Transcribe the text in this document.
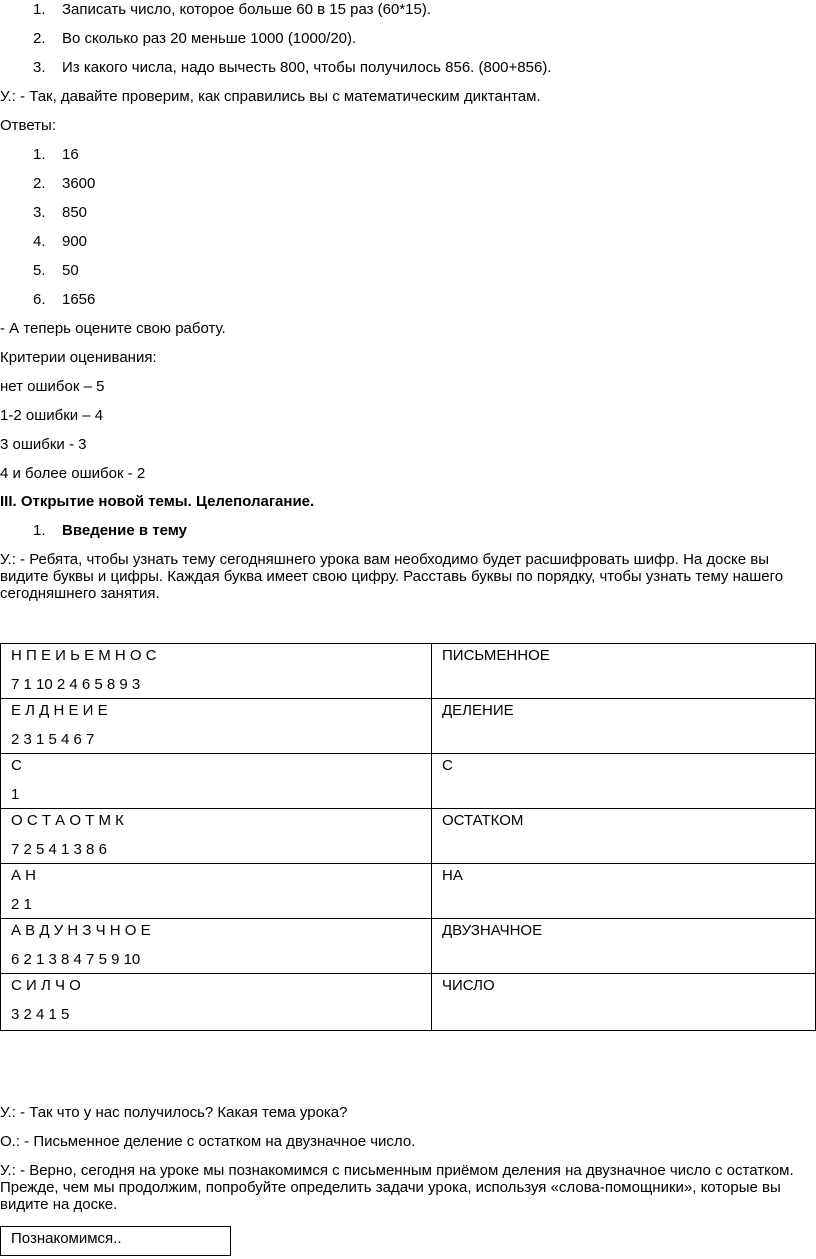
1. Записать число, которое больше 60 в 15 раз (60*15).
2. Во сколько раз 20 меньше 1000 (1000/20).
3. Из какого числа, надо вычесть 800, чтобы получилось 856. (800+856).
У.: - Так, давайте проверим, как справились вы с математическим диктантам.
Ответы:
1. 16
2. 3600
3. 850
4. 900
5. 50
6. 1656
- А теперь оцените свою работу.
Критерии оценивания:
нет ошибок – 5
1-2 ошибки – 4
3 ошибки - 3
4 и более ошибок - 2
III. Открытие новой темы. Целеполагание.
1. Введение в тему
У.: - Ребята, чтобы узнать тему сегодняшнего урока вам необходимо будет расшифровать шифр. На доске вы видите буквы и цифры. Каждая буква имеет свою цифру. Расставь буквы по порядку, чтобы узнать тему нашего сегодняшнего занятия.
Н П Е И Ь Е М Н О С
7 1 10 2 4 6 5 8 9 3	ПИСЬМЕННОЕ

Е Л Д Н Е И Е
2 3 1 5 4 6 7	ДЕЛЕНИЕ

С
1	С

О С Т А О Т М К
7 2 5 4 1 3 8 6	ОСТАТКОМ

А Н
2 1	НА

А В Д У Н З Ч Н О Е
6 2 1 3 8 4 7 5 9 10	ДВУЗНАЧНОЕ

С И Л Ч О
3 2 4 1 5	ЧИСЛО
У.: - Так что у нас получилось? Какая тема урока?
О.: - Письменное деление с остатком на двузначное число.
У.: - Верно, сегодня на уроке мы познакомимся с письменным приёмом деления на двузначное число с остатком. Прежде, чем мы продолжим, попробуйте определить задачи урока, используя «слова-помощники», которые вы видите на доске.
Познакомимся..
